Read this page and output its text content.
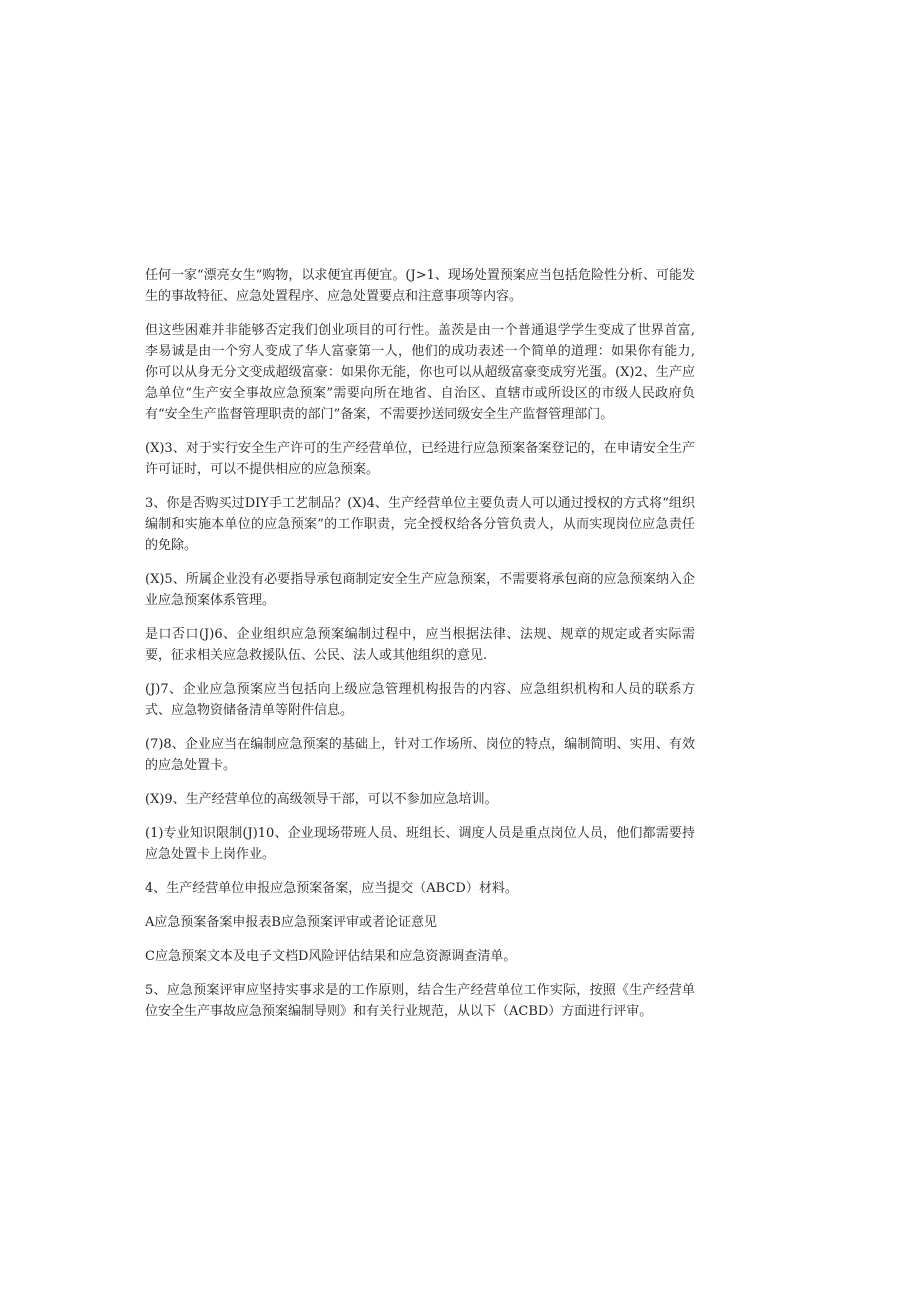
任何一家“漂亮女生”购物，以求便宜再便宜。(J>1、现场处置预案应当包括危险性分析、可能发生的事故特征、应急处置程序、应急处置要点和注意事项等内容。

但这些困难并非能够否定我们创业项目的可行性。盖茨是由一个普通退学学生变成了世界首富,李易诚是由一个穷人变成了华人富豪第一人，他们的成功表述一个简单的道理：如果你有能力,你可以从身无分文变成超级富豪：如果你无能，你也可以从超级富豪变成穷光蛋。(X)2、生产应急单位“生产安全事故应急预案”需要向所在地省、自治区、直辖市或所设区的市级人民政府负有“安全生产监督管理职责的部门”备案，不需要抄送同级安全生产监督管理部门。

(X)3、对于实行安全生产许可的生产经营单位，已经进行应急预案备案登记的，在申请安全生产许可证时，可以不提供相应的应急预案。

3、你是否购买过DIY手工艺制品？(X)4、生产经营单位主要负责人可以通过授权的方式将“组织编制和实施本单位的应急预案”的工作职责，完全授权给各分管负责人，从而实现岗位应急责任的免除。

(X)5、所属企业没有必要指导承包商制定安全生产应急预案，不需要将承包商的应急预案纳入企业应急预案体系管理。

是口否口(J)6、企业组织应急预案编制过程中，应当根据法律、法规、规章的规定或者实际需要，征求相关应急救援队伍、公民、法人或其他组织的意见.

(J)7、企业应急预案应当包括向上级应急管理机构报告的内容、应急组织机构和人员的联系方式、应急物资储备清单等附件信息。

(7)8、企业应当在编制应急预案的基础上，针对工作场所、岗位的特点，编制简明、实用、有效的应急处置卡。

(X)9、生产经营单位的高级领导干部，可以不参加应急培训。

(1)专业知识限制(J)10、企业现场带班人员、班组长、调度人员是重点岗位人员，他们都需要持应急处置卡上岗作业。

4、生产经营单位申报应急预案备案，应当提交（ABCD）材料。

A应急预案备案申报表B应急预案评审或者论证意见

C应急预案文本及电子文档D风险评估结果和应急资源调查清单。

5、应急预案评审应坚持实事求是的工作原则，结合生产经营单位工作实际，按照《生产经营单位安全生产事故应急预案编制导则》和有关行业规范，从以下（ACBD）方面进行评审。
